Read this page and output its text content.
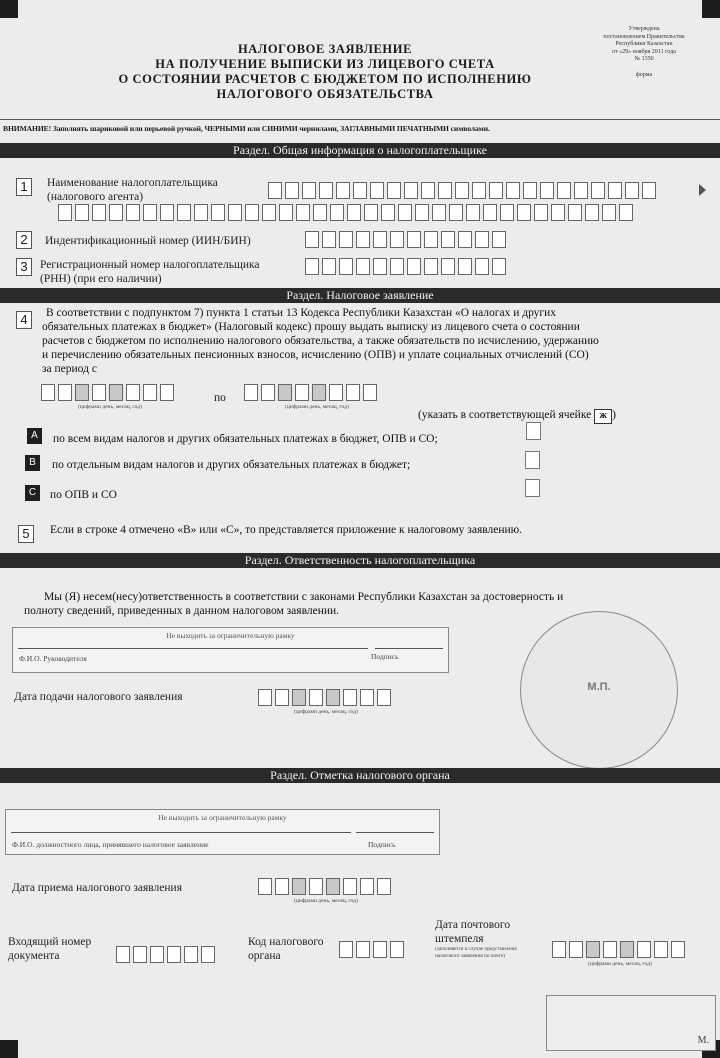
НАЛОГОВОЕ ЗАЯВЛЕНИЕ
НА ПОЛУЧЕНИЕ ВЫПИСКИ ИЗ ЛИЦЕВОГО СЧЕТА
О СОСТОЯНИИ РАСЧЕТОВ С БЮДЖЕТОМ ПО ИСПОЛНЕНИЮ
НАЛОГОВОГО ОБЯЗАТЕЛЬСТВА
Утверждена
постановлением Правительства
Республики Казахстан
от «29» ноября 2011 года
№ 1350
форма
ВНИМАНИЕ! Заполнять шариковой или перьевой ручкой, ЧЕРНЫМИ или СИНИМИ чернилами, ЗАГЛАВНЫМИ ПЕЧАТНЫМИ символами.
Раздел. Общая информация о налогоплательщике
1	Наименование налогоплательщика
(налогового агента)
2	Индентификационный номер (ИИН/БИН)
3	Регистрационный номер налогоплательщика
(РНН) (при его наличии)
Раздел. Налоговое заявление
4	В соответствии с подпунктом 7) пункта 1 статьи 13 Кодекса Республики Казахстан «О налогах и других
обязательных платежах в бюджет» (Налоговый кодекс) прошу выдать выписку из лицевого счета о состоянии
расчетов с бюджетом по исполнению налогового обязательства, а также обязательств по исчислению, удержанию
и перечислению обязательных пенсионных взносов, исчислению (ОПВ) и уплате социальных отчислений (СО)
за период с
(цифрами день, месяц, год)
по
(цифрами день, месяц, год)
(указать в соответствующей ячейке ж )
A	по всем видам налогов и других обязательных платежах в бюджет, ОПВ и СО;
B	по отдельным видам налогов и других обязательных платежах в бюджет;
C	по ОПВ и СО
5	Если в строке 4 отмечено «В» или «С», то представляется приложение к налоговому заявлению.
Раздел. Ответственность налогоплательщика
Мы (Я) несем(несу)ответственность в соответствии с законами Республики Казахстан за достоверность и
полноту сведений, приведенных в данном налоговом заявлении.
Не выходить за ограничительную рамку
Ф.И.О. Руководителя	Подпись
М.П.
Дата подачи налогового заявления
(цифрами день, месяц, год)
Раздел. Отметка налогового органа
Не выходить за ограничительную рамку
Ф.И.О. должностного лица, принявшего налоговое заявление	Подпись
Дата приема налогового заявления
(цифрами день, месяц, год)
Входящий номер
документа
Код налогового
органа
Дата почтового
штемпеля
(заполняется в случае представления налогового заявления по почте)
(цифрами день, месяц, год)
М.
